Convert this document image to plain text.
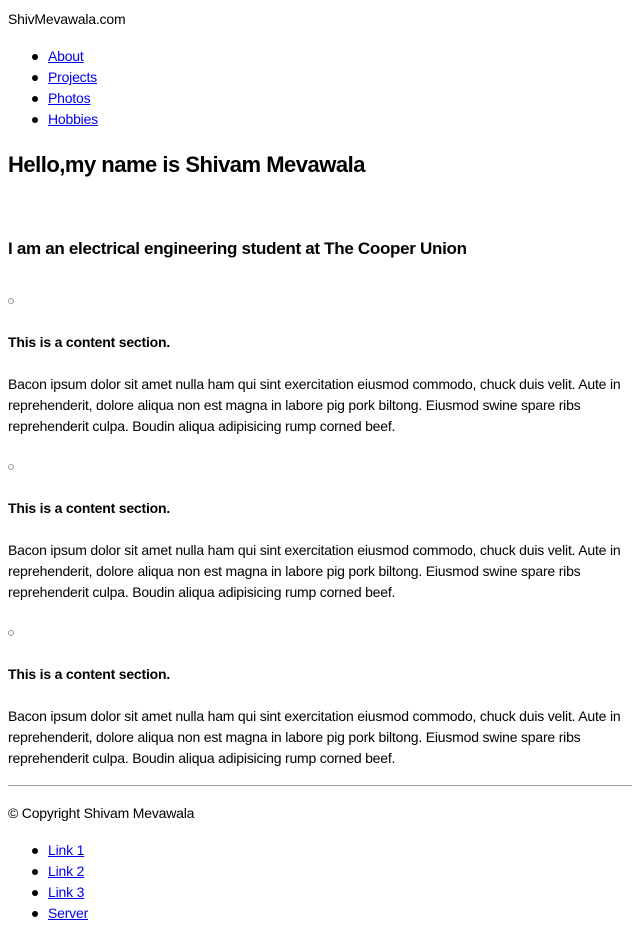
ShivMevawala.com
About
Projects
Photos
Hobbies
Hello,my name is Shivam Mevawala
I am an electrical engineering student at The Cooper Union
This is a content section.

Bacon ipsum dolor sit amet nulla ham qui sint exercitation eiusmod commodo, chuck duis velit. Aute in reprehenderit, dolore aliqua non est magna in labore pig pork biltong. Eiusmod swine spare ribs reprehenderit culpa. Boudin aliqua adipisicing rump corned beef.

This is a content section.

Bacon ipsum dolor sit amet nulla ham qui sint exercitation eiusmod commodo, chuck duis velit. Aute in reprehenderit, dolore aliqua non est magna in labore pig pork biltong. Eiusmod swine spare ribs reprehenderit culpa. Boudin aliqua adipisicing rump corned beef.

This is a content section.

Bacon ipsum dolor sit amet nulla ham qui sint exercitation eiusmod commodo, chuck duis velit. Aute in reprehenderit, dolore aliqua non est magna in labore pig pork biltong. Eiusmod swine spare ribs reprehenderit culpa. Boudin aliqua adipisicing rump corned beef.

© Copyright Shivam Mevawala

Link 1
Link 2
Link 3
Server
